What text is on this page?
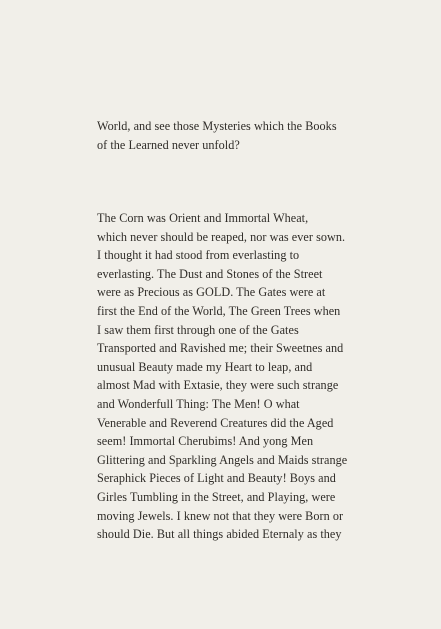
World, and see those Mysteries which the Books
of the Learned never unfold?
The Corn was Orient and Immortal Wheat,
which never should be reaped, nor was ever sown.
I thought it had stood from everlasting to
everlasting. The Dust and Stones of the Street
were as Precious as GOLD. The Gates were at
first the End of the World, The Green Trees when
I saw them first through one of the Gates
Transported and Ravished me; their Sweetnes and
unusual Beauty made my Heart to leap, and
almost Mad with Extasie, they were such strange
and Wonderfull Thing: The Men! O what
Venerable and Reverend Creatures did the Aged
seem! Immortal Cherubims! And yong Men
Glittering and Sparkling Angels and Maids strange
Seraphick Pieces of Light and Beauty! Boys and
Girles Tumbling in the Street, and Playing, were
moving Jewels. I knew not that they were Born or
should Die. But all things abided Eternaly as they
